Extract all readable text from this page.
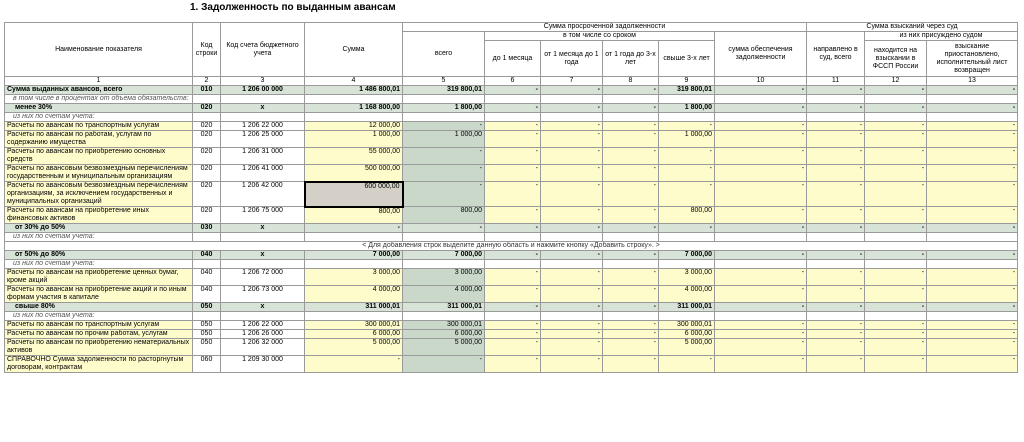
1. Задолженность по выданным авансам
Наименование показателя	Код строки	Код счета бюджетного учета	Сумма	Сумма просроченной задолженности						Сумма взысканий через суд		
				всего	в том числе со сроком				сумма обеспечения задолженности	направлено в суд, всего	из них присуждено судом	
					до 1 месяца	от 1 месяца до 1 года	от 1 года до 3-х лет	свыше 3-х лет			находится на взыскании в ФССП России	взыскание приостановлено, исполнительный лист возвращен

1	2	3	4	5	6	7	8	9	10	11	12	13
Сумма выданных авансов, всего	010	1 206 00 000	1 486 800,01	319 800,01	-	-	-	319 800,01	-	-	-	-
в том числе в процентах от объема обязательств:												
менее 30%	020	x	1 168 800,00	1 800,00	-	-	-	1 800,00	-	-	-	-
из них по счетам учета:												
Расчеты по авансам по транспортным услугам	020	1 206 22 000	12 000,00	-	-	-	-	-	-	-	-	-
Расчеты по авансам по работам, услугам по содержанию имущества	020	1 206 25 000	1 000,00	1 000,00	-	-	-	1 000,00	-	-	-	-
Расчеты по авансам по приобретению основных средств	020	1 206 31 000	55 000,00	-	-	-	-	-	-	-	-	-
Расчеты по авансовым безвозмездным перечислениям государственным и муниципальным организациям	020	1 206 41 000	500 000,00	-	-	-	-	-	-	-	-	-
Расчеты по авансовым безвозмездным перечислениям организациям, за исключением государственных и муниципальных организаций	020	1 206 42 000	600 000,00	-	-	-	-	-	-	-	-	-
Расчеты по авансам на приобретение иных финансовых активов	020	1 206 75 000	800,00	800,00	-	-	-	800,00	-	-	-	-
от 30% до 50%	030	x	-	-	-	-	-	-	-	-	-	-
из них по счетам учета:												
< Для добавления строк выделите данную область и нажмите кнопку «Добавить строку». >												
от 50% до 80%	040	x	7 000,00	7 000,00	-	-	-	7 000,00	-	-	-	-
из них по счетам учета:												
Расчеты по авансам на приобретение ценных бумаг, кроме акций	040	1 206 72 000	3 000,00	3 000,00	-	-	-	3 000,00	-	-	-	-
Расчеты по авансам на приобретение акций и по иным формам участия в капитале	040	1 206 73 000	4 000,00	4 000,00	-	-	-	4 000,00	-	-	-	-
свыше 80%	050	x	311 000,01	311 000,01	-	-	-	311 000,01	-	-	-	-
из них по счетам учета:												
Расчеты по авансам по транспортным услугам	050	1 206 22 000	300 000,01	300 000,01	-	-	-	300 000,01	-	-	-	-
Расчеты по авансам по прочим работам, услугам	050	1 206 26 000	6 000,00	6 000,00	-	-	-	6 000,00	-	-	-	-
Расчеты по авансам по приобретению нематериальных активов	050	1 206 32 000	5 000,00	5 000,00	-	-	-	5 000,00	-	-	-	-
СПРАВОЧНО Сумма задолженности по расторгнутым договорам, контрактам	060	1 209 30 000	-	-	-	-	-	-	-	-	-	-
